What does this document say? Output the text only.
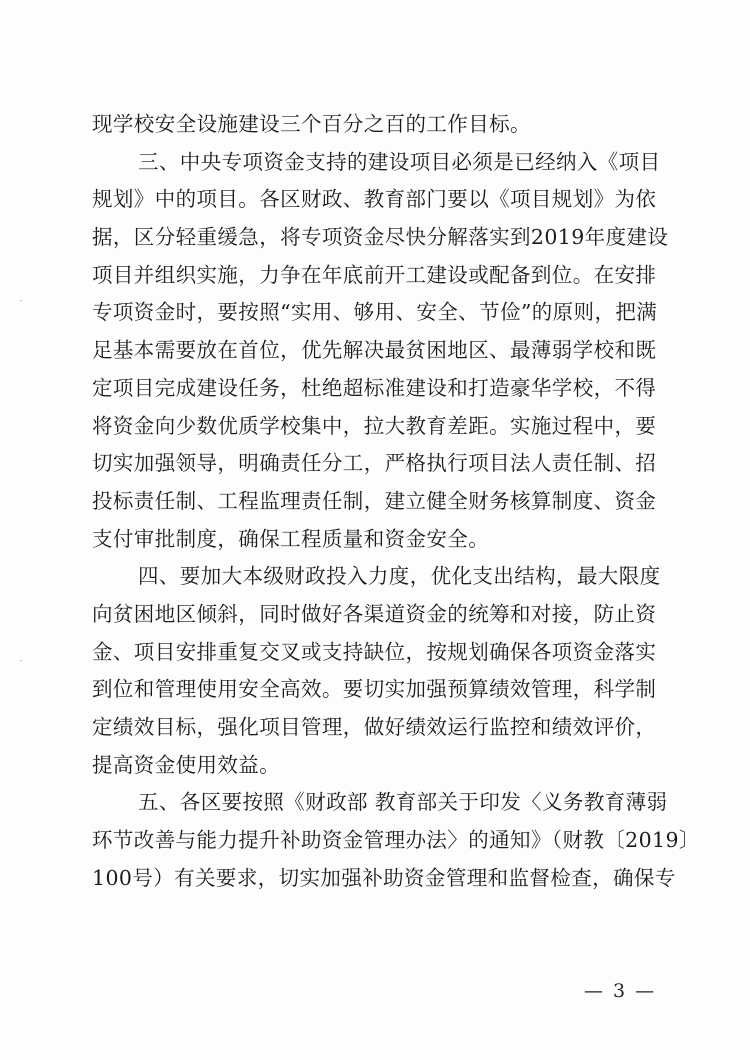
现学校安全设施建设三个百分之百的工作目标。
三、中央专项资金支持的建设项目必须是已经纳入《项目
规划》中的项目。各区财政、教育部门要以《项目规划》为依
据，区分轻重缓急，将专项资金尽快分解落实到2019年度建设
项目并组织实施，力争在年底前开工建设或配备到位。在安排
专项资金时，要按照“实用、够用、安全、节俭”的原则，把满
足基本需要放在首位，优先解决最贫困地区、最薄弱学校和既
定项目完成建设任务，杜绝超标准建设和打造豪华学校，不得
将资金向少数优质学校集中，拉大教育差距。实施过程中，要
切实加强领导，明确责任分工，严格执行项目法人责任制、招
投标责任制、工程监理责任制，建立健全财务核算制度、资金
支付审批制度，确保工程质量和资金安全。
四、要加大本级财政投入力度，优化支出结构，最大限度
向贫困地区倾斜，同时做好各渠道资金的统筹和对接，防止资
金、项目安排重复交叉或支持缺位，按规划确保各项资金落实
到位和管理使用安全高效。要切实加强预算绩效管理，科学制
定绩效目标，强化项目管理，做好绩效运行监控和绩效评价，
提高资金使用效益。
五、各区要按照《财政部 教育部关于印发〈义务教育薄弱
环节改善与能力提升补助资金管理办法〉的通知》（财教〔2019〕
100号）有关要求，切实加强补助资金管理和监督检查，确保专
— 3 —
